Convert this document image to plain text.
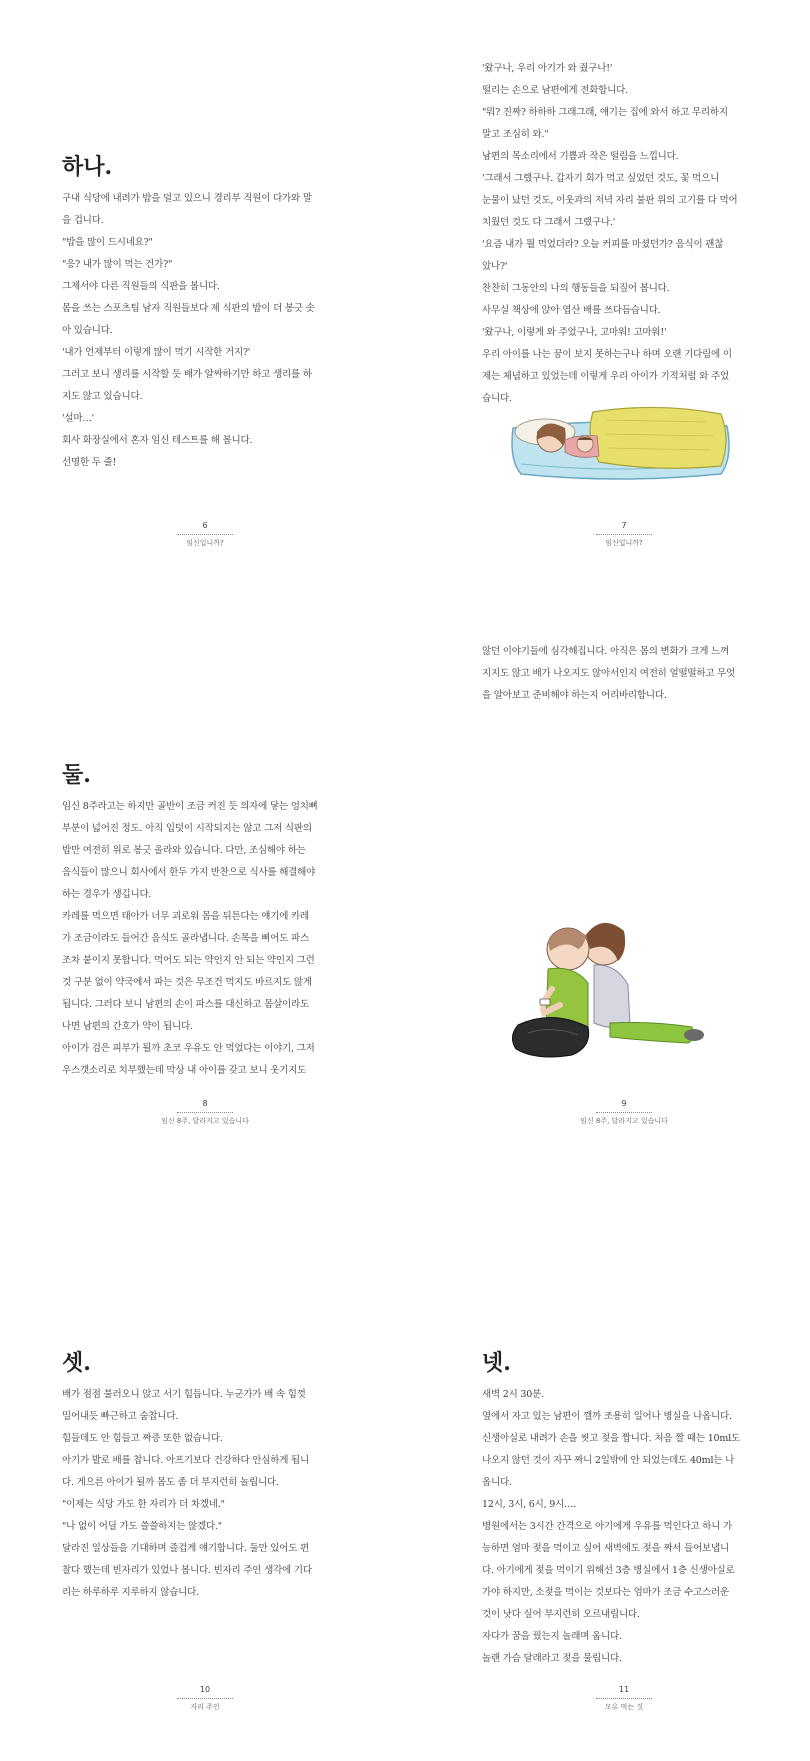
하나.
구내 식당에 내려가 밥을 덜고 있으니 경리부 직원이 다가와 말
을 겁니다.
"밥을 많이 드시네요?"
"응? 내가 많이 먹는 건가?"
그제서야 다른 직원들의 식판을 봅니다.
몸을 쓰는 스포츠팀 남자 직원들보다 제 식판의 밥이 더 봉긋 솟
아 있습니다.
'내가 언제부터 이렇게 많이 먹기 시작한 거지?'
그러고 보니 생리를 시작할 듯 배가 알싸하기만 하고 생리를 하
지도 않고 있습니다.
'설마…'
회사 화장실에서 혼자 임신 테스트를 해 봅니다.
선명한 두 줄!
6
임신입니까?
'왔구나, 우리 아기가 와 줬구나!'
떨리는 손으로 남편에게 전화합니다.
"뭐? 진짜? 하하하 그래그래, 얘기는 집에 와서 하고 무리하지
말고 조심히 와."
남편의 목소리에서 기쁨과 작은 떨림을 느낍니다.
'그래서 그랬구나. 갑자기 회가 먹고 싶었던 것도, 꽃 먹으니
눈물이 났던 것도, 이웃과의 저녁 자리 불판 위의 고기를 다 먹어
치웠던 것도 다 그래서 그랬구나.'
'요즘 내가 뭘 먹었더라? 오늘 커피를 마셨던가? 음식이 괜찮
았나?'
찬찬히 그동안의 나의 행동들을 되짚어 봅니다.
사무실 책상에 앉아 엽산 배를 쓰다듬습니다.
'왔구나, 이렇게 와 주었구나, 고마워! 고마워!'
우리 아이를 나는 꿈이 보지 못하는구나 하며 오랜 기다림에 이
제는 체념하고 있었는데 이렇게 우리 아이가 기적처럼 와 주었
습니다.
7
임신입니까?
둘.
임신 8주라고는 하지만 골반이 조금 커진 듯 의자에 닿는 엉치뼈
부분이 넓어진 정도. 아직 입덧이 시작되지는 않고 그저 식판의
밥만 여전히 위로 봉긋 올라와 있습니다. 다만, 조심해야 하는
음식들이 많으니 회사에서 한두 가지 반찬으로 식사를 해결해야
하는 경우가 생깁니다.
카레를 먹으면 태아가 너무 괴로워 몸을 뒤튼다는 얘기에 카레
가 조금이라도 들어간 음식도 골라냅니다. 손목을 삐어도 파스
조차 붙이지 못합니다. 먹어도 되는 약인지 안 되는 약인지 그런
것 구분 없이 약국에서 파는 것은 무조건 먹지도 바르지도 않게
됩니다. 그러다 보니 남편의 손이 파스를 대신하고 몸살이라도
나면 남편의 간호가 약이 됩니다.
아이가 검은 피부가 될까 초코 우유도 안 먹었다는 이야기, 그저
우스갯소리로 치부했는데 막상 내 아이를 갖고 보니 웃기지도
8
임신 8주, 달라지고 있습니다
않던 이야기들에 심각해집니다. 아직은 몸의 변화가 크게 느껴
지지도 않고 배가 나오지도 않아서인지 여전히 얼떨떨하고 무엇
을 알아보고 준비해야 하는지 어리바리합니다.
9
임신 8주, 달라지고 있습니다
셋.
배가 점점 불러오니 앉고 서기 힘듭니다. 누군가가 배 속 힘껏
밀어내듯 빠근하고 숨찹니다.
힘들데도 안 힘들고 짜증 또한 없습니다.
아기가 발로 배를 찹니다. 아프기보다 건강하다 안심하게 됩니
다. 게으른 아이가 될까 몸도 좀 더 부지런히 놀립니다.
"이제는 식당 가도 한 자리가 더 차겠네."
"나 없이 어딜 가도 쓸쓸하지는 않겠다."
달라진 일상들을 기대하며 즐겁게 얘기합니다. 둘만 있어도 편
찰다 했는데 빈자리가 있었나 봅니다. 빈자리 주인 생각에 기다
리는 하루하루 지루하지 않습니다.
10
자리 주인
넷.
새벽 2시 30분.
옆에서 자고 있는 남편이 깰까 조용히 일어나 병실을 나옵니다.
신생아실로 내려가 손을 씻고 젖을 짭니다. 처음 짤 때는 10ml도
나오지 않던 것이 자꾸 짜니 2일밖에 안 되었는데도 40ml는 나
옵니다.
12시, 3시, 6시, 9시….
병원에서는 3시간 간격으로 아기에게 우유를 먹인다고 하니 가
능하면 엄마 젖을 먹이고 싶어 새벽에도 젖을 짜서 들어보냅니
다. 아기에게 젖을 먹이기 위해선 3층 병실에서 1층 신생아실로
가야 하지만, 소젖을 먹이는 것보다는 엄마가 조금 수고스러운
것이 낫다 싶어 부지런히 오르내립니다.
자다가 꿈을 꿨는지 놀래며 웁니다.
놀랜 가슴 달래라고 젖을 물립니다.
11
모유 먹는 것
